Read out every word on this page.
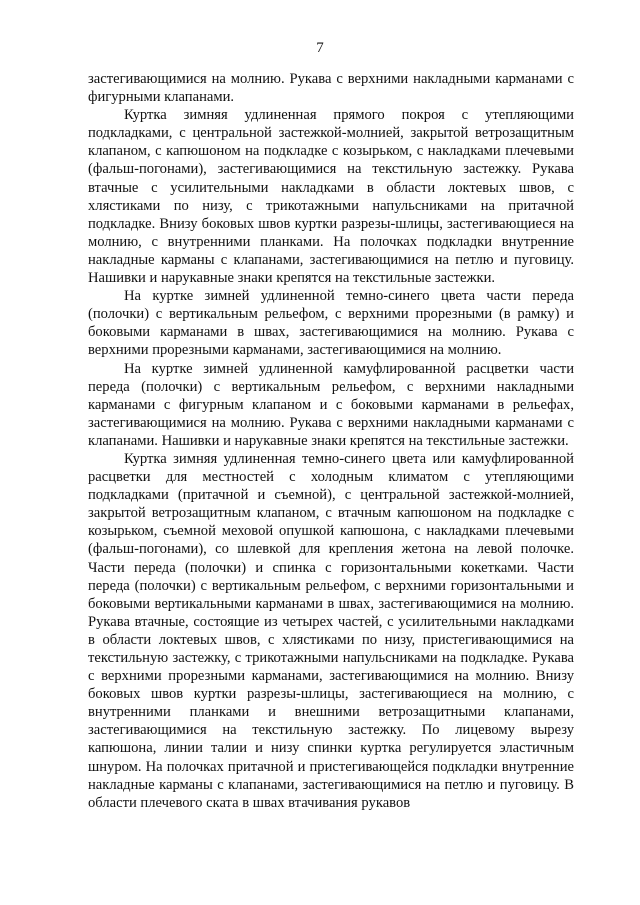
7

застегивающимися на молнию. Рукава с верхними накладными карманами с фигурными клапанами.

Куртка зимняя удлиненная прямого покроя с утепляющими подкладками, с центральной застежкой-молнией, закрытой ветрозащитным клапаном, с капюшоном на подкладке с козырьком, с накладками плечевыми (фальш-погонами), застегивающимися на текстильную застежку. Рукава втачные с усилительными накладками в области локтевых швов, с хлястиками по низу, с трикотажными напульсниками на притачной подкладке. Внизу боковых швов куртки разрезы-шлицы, застегивающиеся на молнию, с внутренними планками. На полочках подкладки внутренние накладные карманы с клапанами, застегивающимися на петлю и пуговицу. Нашивки и нарукавные знаки крепятся на текстильные застежки.

На куртке зимней удлиненной темно-синего цвета части переда (полочки) с вертикальным рельефом, с верхними прорезными (в рамку) и боковыми карманами в швах, застегивающимися на молнию. Рукава с верхними прорезными карманами, застегивающимися на молнию.

На куртке зимней удлиненной камуфлированной расцветки части переда (полочки) с вертикальным рельефом, с верхними накладными карманами с фигурным клапаном и с боковыми карманами в рельефах, застегивающимися на молнию. Рукава с верхними накладными карманами с клапанами. Нашивки и нарукавные знаки крепятся на текстильные застежки.

Куртка зимняя удлиненная темно-синего цвета или камуфлированной расцветки для местностей с холодным климатом с утепляющими подкладками (притачной и съемной), с центральной застежкой-молнией, закрытой ветрозащитным клапаном, с втачным капюшоном на подкладке с козырьком, съемной меховой опушкой капюшона, с накладками плечевыми (фальш-погонами), со шлевкой для крепления жетона на левой полочке. Части переда (полочки) и спинка с горизонтальными кокетками. Части переда (полочки) с вертикальным рельефом, с верхними горизонтальными и боковыми вертикальными карманами в швах, застегивающимися на молнию. Рукава втачные, состоящие из четырех частей, с усилительными накладками в области локтевых швов, с хлястиками по низу, пристегивающимися на текстильную застежку, с трикотажными напульсниками на подкладке. Рукава с верхними прорезными карманами, застегивающимися на молнию. Внизу боковых швов куртки разрезы-шлицы, застегивающиеся на молнию, с внутренними планками и внешними ветрозащитными клапанами, застегивающимися на текстильную застежку. По лицевому вырезу капюшона, линии талии и низу спинки куртка регулируется эластичным шнуром. На полочках притачной и пристегивающейся подкладки внутренние накладные карманы с клапанами, застегивающимися на петлю и пуговицу. В области плечевого ската в швах втачивания рукавов
